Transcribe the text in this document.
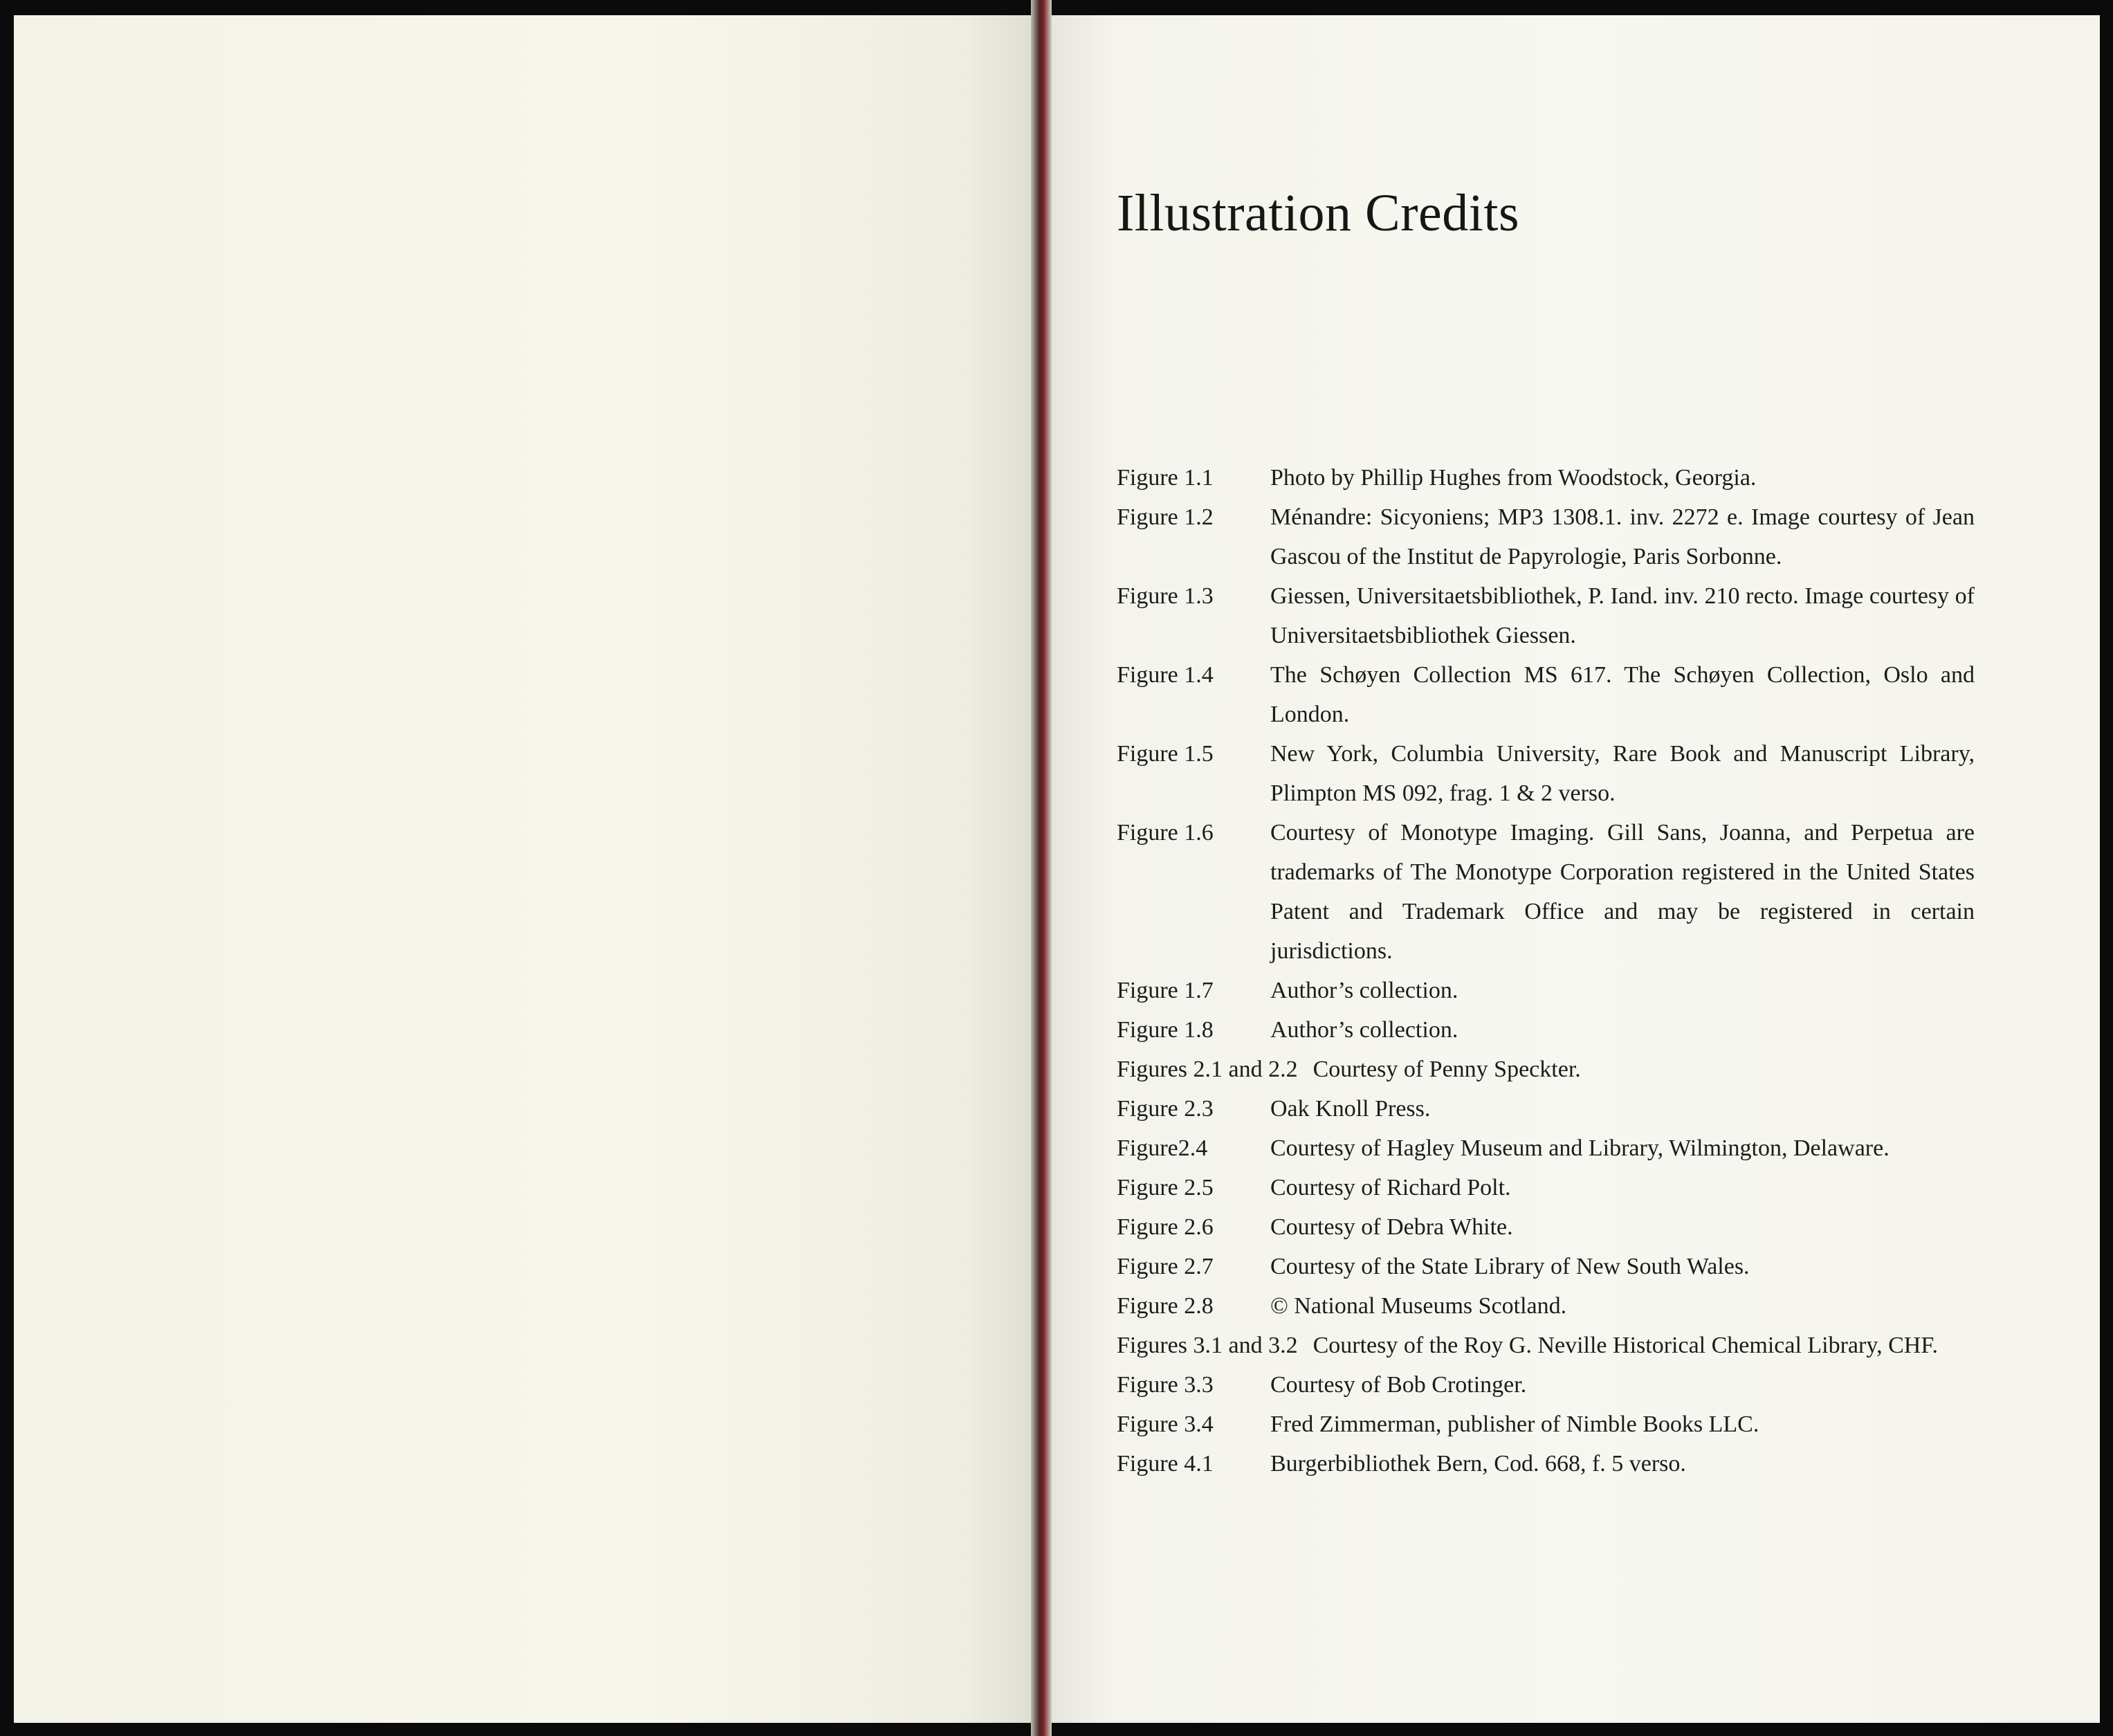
Illustration Credits
Figure 1.1	Photo by Phillip Hughes from Woodstock, Georgia.
Figure 1.2	Ménandre: Sicyoniens; MP3 1308.1. inv. 2272 e. Image courtesy of Jean Gascou of the Institut de Papyrologie, Paris Sorbonne.
Figure 1.3	Giessen, Universitaetsbibliothek, P. Iand. inv. 210 recto. Image courtesy of Universitaetsbibliothek Giessen.
Figure 1.4	The Schøyen Collection MS 617. The Schøyen Collection, Oslo and London.
Figure 1.5	New York, Columbia University, Rare Book and Manuscript Library, Plimpton MS 092, frag. 1 & 2 verso.
Figure 1.6	Courtesy of Monotype Imaging. Gill Sans, Joanna, and Perpetua are trademarks of The Monotype Corporation registered in the United States Patent and Trademark Office and may be registered in certain jurisdictions.
Figure 1.7	Author’s collection.
Figure 1.8	Author’s collection.
Figures 2.1 and 2.2 Courtesy of Penny Speckter.
Figure 2.3	Oak Knoll Press.
Figure2.4	Courtesy of Hagley Museum and Library, Wilmington, Delaware.
Figure 2.5	Courtesy of Richard Polt.
Figure 2.6	Courtesy of Debra White.
Figure 2.7	Courtesy of the State Library of New South Wales.
Figure 2.8	© National Museums Scotland.
Figures 3.1 and 3.2 Courtesy of the Roy G. Neville Historical Chemical Library, CHF.
Figure 3.3	Courtesy of Bob Crotinger.
Figure 3.4	Fred Zimmerman, publisher of Nimble Books LLC.
Figure 4.1	Burgerbibliothek Bern, Cod. 668, f. 5 verso.
